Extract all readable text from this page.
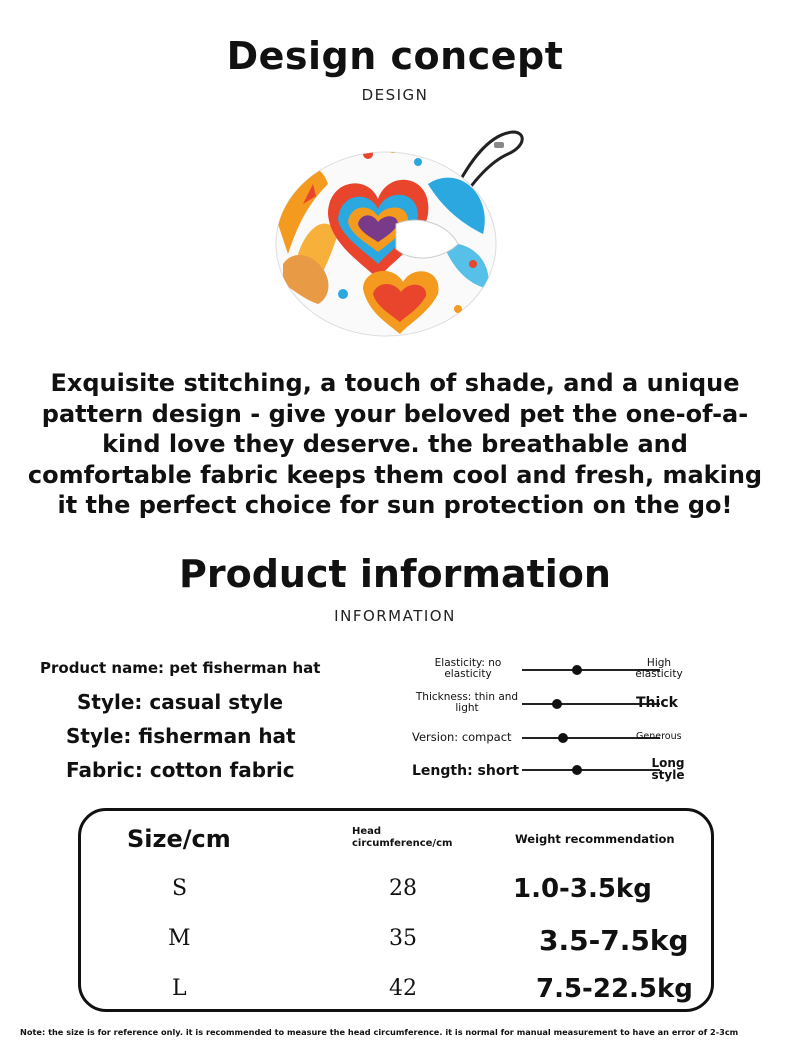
Design concept
DESIGN
Exquisite stitching, a touch of shade, and a unique pattern design - give your beloved pet the one-of-a-kind love they deserve. the breathable and comfortable fabric keeps them cool and fresh, making it the perfect choice for sun protection on the go!
Product information
INFORMATION
Product name: pet fisherman hat
Style: casual style
Style: fisherman hat
Fabric: cotton fabric
Elasticity: no elasticity
High elasticity
Thickness: thin and light	Thick
Version: compact	Generous
Length: short	Long style
Size/cm	Head circumference/cm	Weight recommendation
S	28	1.0-3.5kg
M	35	3.5-7.5kg
L	42	7.5-22.5kg
Note: the size is for reference only. it is recommended to measure the head circumference. it is normal for manual measurement to have an error of 2-3cm
